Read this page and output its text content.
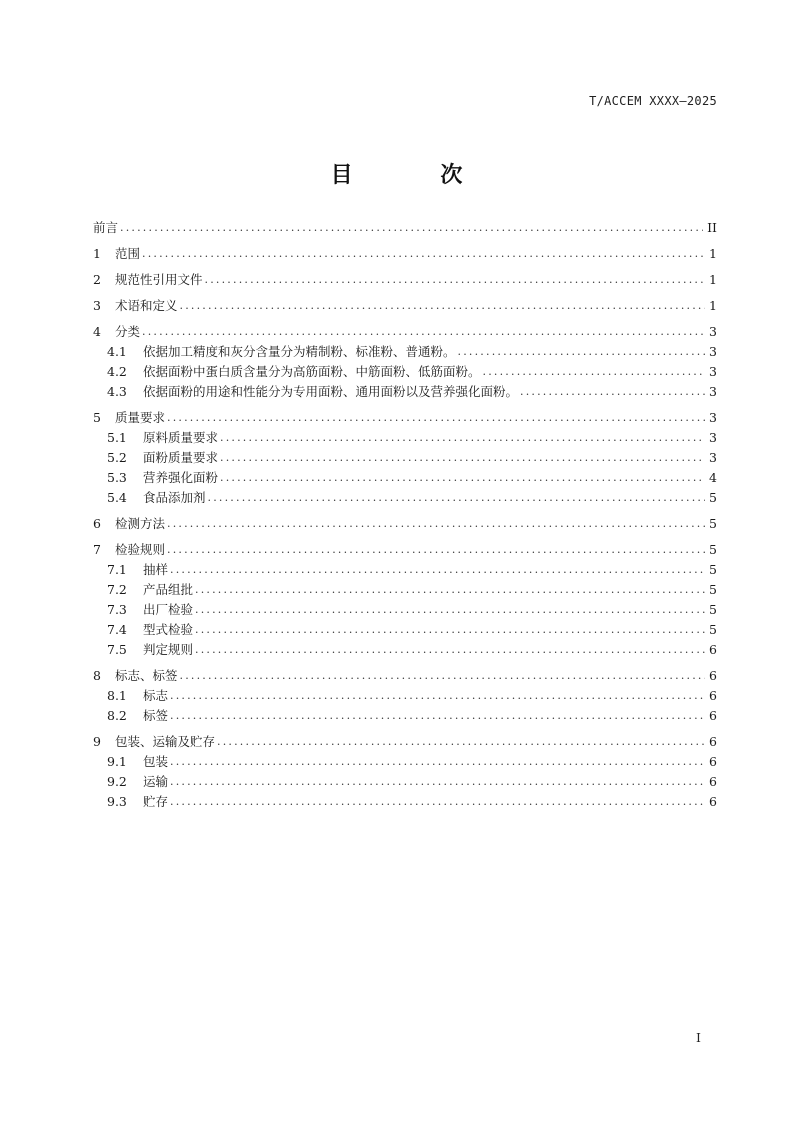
T/ACCEM XXXX—2025
目 次
前言 .....	II
1	范围 .....	1
2	规范性引用文件 .....	1
3	术语和定义 .....	1
4	分类 .....	3
4.1	依据加工精度和灰分含量分为精制粉、标准粉、普通粉。 .....	3
4.2	依据面粉中蛋白质含量分为高筋面粉、中筋面粉、低筋面粉。 .....	3
4.3	依据面粉的用途和性能分为专用面粉、通用面粉以及营养强化面粉。 .....	3
5	质量要求 .....	3
5.1	原料质量要求 .....	3
5.2	面粉质量要求 .....	3
5.3	营养强化面粉 .....	4
5.4	食品添加剂 .....	5
6	检测方法 .....	5
7	检验规则 .....	5
7.1	抽样 .....	5
7.2	产品组批 .....	5
7.3	出厂检验 .....	5
7.4	型式检验 .....	5
7.5	判定规则 .....	6
8	标志、标签 .....	6
8.1	标志 .....	6
8.2	标签 .....	6
9	包装、运输及贮存 .....	6
9.1	包装 .....	6
9.2	运输 .....	6
9.3	贮存 .....	6
I
